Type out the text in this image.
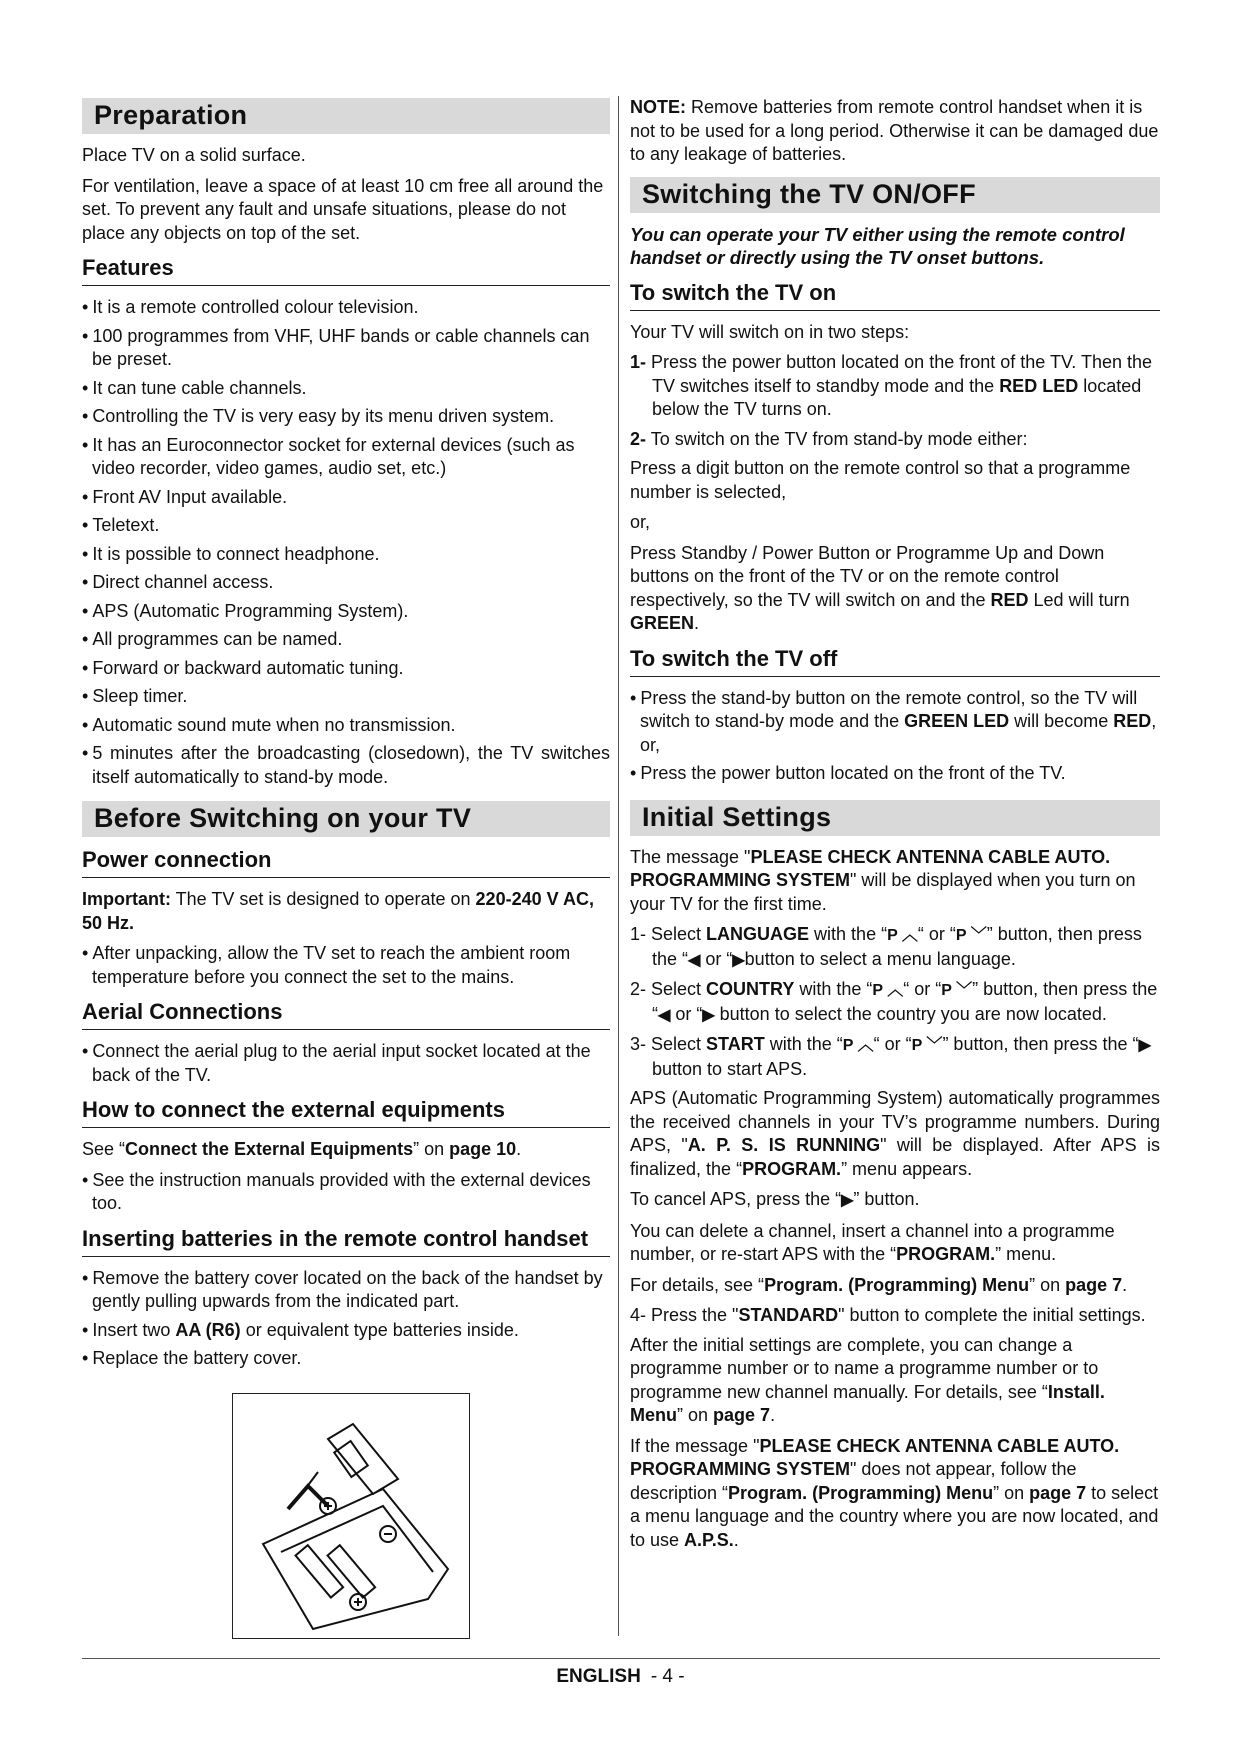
Preparation

Place TV on a solid surface.

For ventilation, leave a space of at least 10 cm free all around the set. To prevent any fault and unsafe situations, please do not place any objects on top of the set.

Features
• It is a remote controlled colour television.
• 100 programmes from VHF, UHF bands or cable channels can be preset.
• It can tune cable channels.
• Controlling the TV is very easy by its menu driven system.
• It has an Euroconnector socket for external devices (such as video recorder, video games, audio set, etc.)
• Front AV Input available.
• Teletext.
• It is possible to connect headphone.
• Direct channel access.
• APS (Automatic Programming System).
• All programmes can be named.
• Forward or backward automatic tuning.
• Sleep timer.
• Automatic sound mute when no transmission.
• 5 minutes after the broadcasting (closedown), the TV switches itself automatically to stand-by mode.
Before Switching on your TV
Power connection

Important: The TV set is designed to operate on 220-240 V AC, 50 Hz.

• After unpacking, allow the TV set to reach the ambient room temperature before you connect the set to the mains.
Aerial Connections
• Connect the aerial plug to the aerial input socket located at the back of the TV.
How to connect the external equipments

See “Connect the External Equipments” on page 10.

• See the instruction manuals provided with the external devices too.
Inserting batteries in the remote control handset
• Remove the battery cover located on the back of the handset by gently pulling upwards from the indicated part.
• Insert two AA (R6) or equivalent type batteries inside.
• Replace the battery cover.

NOTE: Remove batteries from remote control handset when it is not to be used for a long period. Otherwise it can be damaged due to any leakage of batteries.

Switching the TV ON/OFF
You can operate your TV either using the remote control handset or directly using the TV onset buttons.
To switch the TV on

Your TV will switch on in two steps:

1- Press the power button located on the front of the TV. Then the TV switches itself to standby mode and the RED LED located below the TV turns on.
2- To switch on the TV from stand-by mode either:

Press a digit button on the remote control so that a programme number is selected,

or,

Press Standby / Power Button or Programme Up and Down buttons on the front of the TV or on the remote control respectively, so the TV will switch on and the RED Led will turn GREEN.

To switch the TV off
• Press the stand-by button on the remote control, so the TV will switch to stand-by mode and the GREEN LED will become RED, or,
• Press the power button located on the front of the TV.
Initial Settings

The message "PLEASE CHECK ANTENNA CABLE AUTO. PROGRAMMING SYSTEM" will be displayed when you turn on your TV for the first time.

1- Select LANGUAGE with the “P ︿“ or “P ﹀” button, then press the “◀ or “▶button to select a menu language.
2- Select COUNTRY with the “P ︿“ or “P ﹀” button, then press the “◀ or “▶ button to select the country you are now located.
3- Select START with the “P ︿“ or “P ﹀” button, then press the “▶ button to start APS.

APS (Automatic Programming System) automatically programmes the received channels in your TV’s programme numbers. During APS, "A. P. S. IS RUNNING" will be displayed. After APS is finalized, the “PROGRAM.” menu appears.

To cancel APS, press the “▶” button.

You can delete a channel, insert a channel into a programme number, or re-start APS with the “PROGRAM.” menu.

For details, see “Program. (Programming) Menu” on page 7.

4- Press the "STANDARD" button to complete the initial settings.

After the initial settings are complete, you can change a programme number or to name a programme number or to programme new channel manually. For details, see “Install. Menu” on page 7.

If the message "PLEASE CHECK ANTENNA CABLE AUTO. PROGRAMMING SYSTEM" does not appear, follow the description “Program. (Programming) Menu” on page 7 to select a menu language and the country where you are now located, and to use A.P.S..

ENGLISH - 4 -
